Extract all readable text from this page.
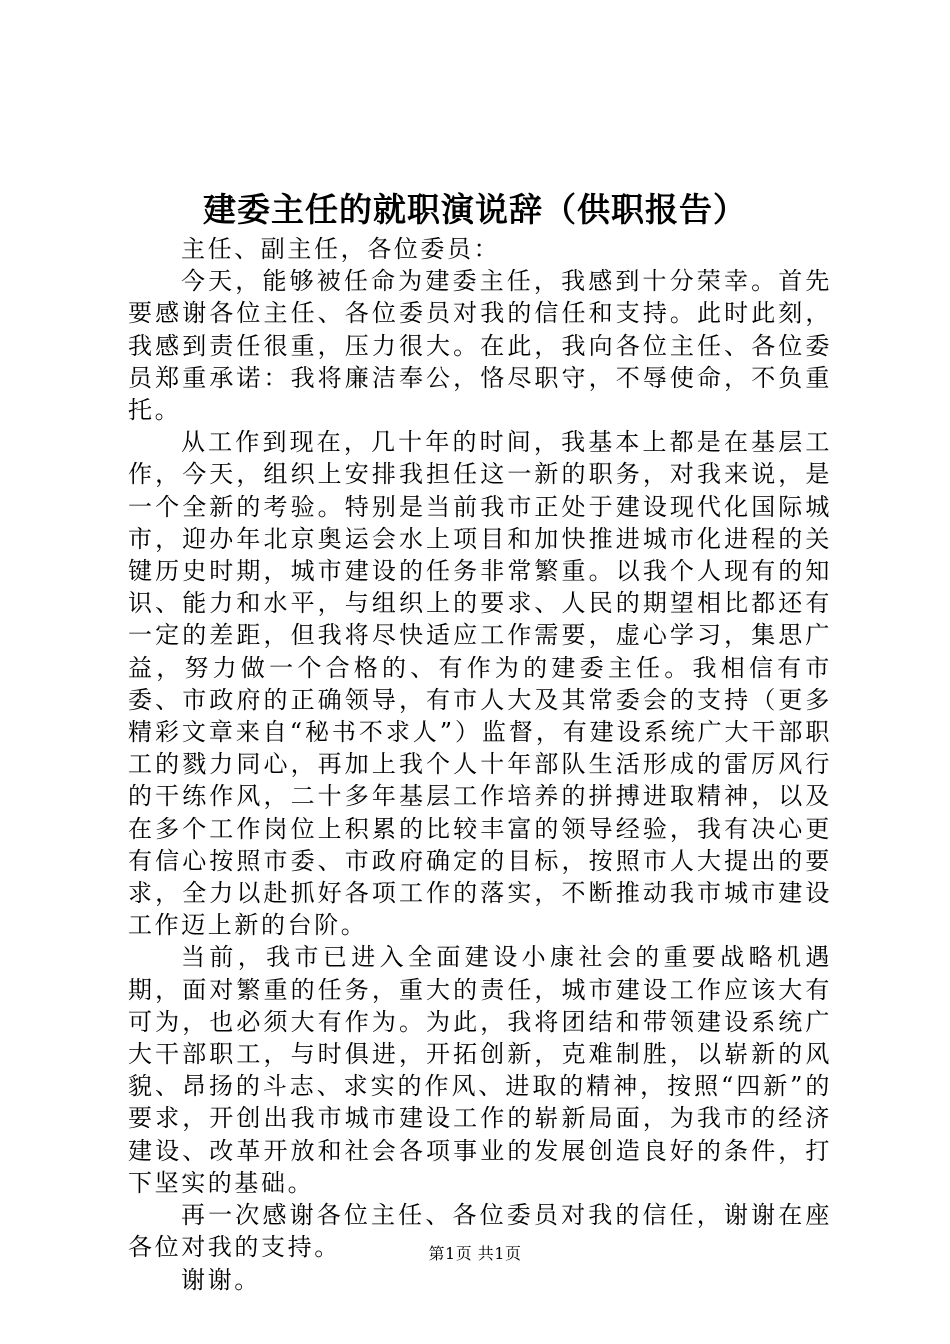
建委主任的就职演说辞（供职报告）

主任、副主任，各位委员：

今天，能够被任命为建委主任，我感到十分荣幸。首先要感谢各位主任、各位委员对我的信任和支持。此时此刻，我感到责任很重，压力很大。在此，我向各位主任、各位委员郑重承诺：我将廉洁奉公，恪尽职守，不辱使命，不负重托。

从工作到现在，几十年的时间，我基本上都是在基层工作，今天，组织上安排我担任这一新的职务，对我来说，是一个全新的考验。特别是当前我市正处于建设现代化国际城市，迎办年北京奥运会水上项目和加快推进城市化进程的关键历史时期，城市建设的任务非常繁重。以我个人现有的知识、能力和水平，与组织上的要求、人民的期望相比都还有一定的差距，但我将尽快适应工作需要，虚心学习，集思广益，努力做一个合格的、有作为的建委主任。我相信有市委、市政府的正确领导，有市人大及其常委会的支持（更多精彩文章来自“秘书不求人”）监督，有建设系统广大干部职工的戮力同心，再加上我个人十年部队生活形成的雷厉风行的干练作风，二十多年基层工作培养的拼搏进取精神，以及在多个工作岗位上积累的比较丰富的领导经验，我有决心更有信心按照市委、市政府确定的目标，按照市人大提出的要求，全力以赴抓好各项工作的落实，不断推动我市城市建设工作迈上新的台阶。

当前，我市已进入全面建设小康社会的重要战略机遇期，面对繁重的任务，重大的责任，城市建设工作应该大有可为，也必须大有作为。为此，我将团结和带领建设系统广大干部职工，与时俱进，开拓创新，克难制胜，以崭新的风貌、昂扬的斗志、求实的作风、进取的精神，按照“四新”的要求，开创出我市城市建设工作的崭新局面，为我市的经济建设、改革开放和社会各项事业的发展创造良好的条件，打下坚实的基础。

再一次感谢各位主任、各位委员对我的信任，谢谢在座各位对我的支持。

谢谢。

第1页 共1页
